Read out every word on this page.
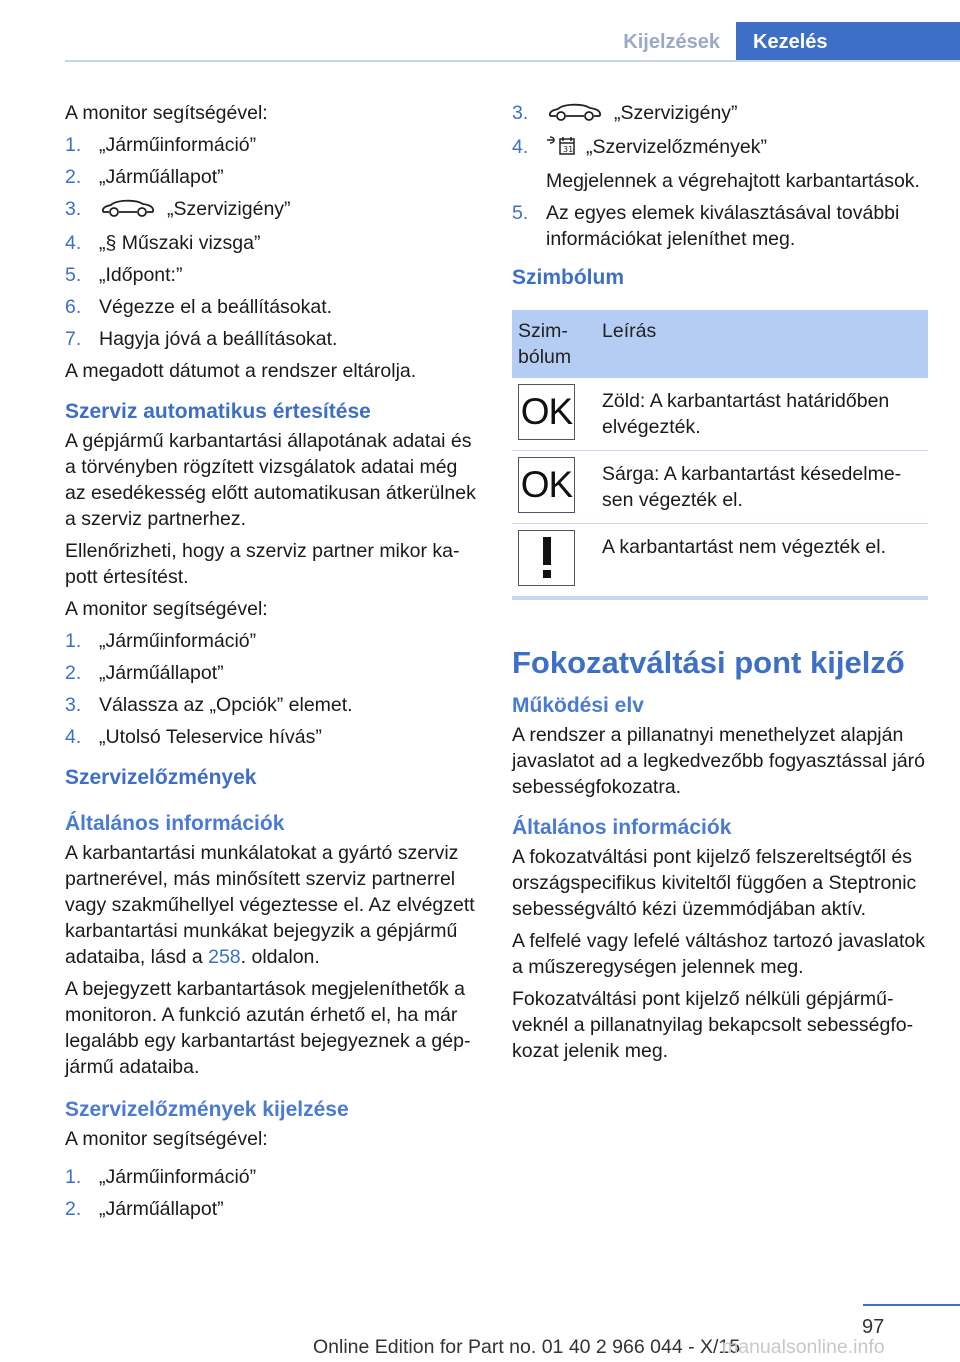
Kijelzések	Kezelés

A monitor segítségével:

1. „Járműinformáció”
2. „Járműállapot”
3.	„Szervizigény”
4. „§ Műszaki vizsga”
5. „Időpont:”
6. Végezze el a beállításokat.
7. Hagyja jóvá a beállításokat.

A megadott dátumot a rendszer eltárolja.

Szerviz automatikus értesítése

A gépjármű karbantartási állapotának adatai és a törvényben rögzített vizsgálatok adatai még az esedékesség előtt automatikusan átkerülnek a szerviz partnerhez.

Ellenőrizheti, hogy a szerviz partner mikor kapott értesítést.

A monitor segítségével:

1. „Járműinformáció”
2. „Járműállapot”
3. Válassza az „Opciók” elemet.
4. „Utolsó Teleservice hívás”
Szervizelőzmények
Általános információk

A karbantartási munkálatokat a gyártó szerviz partnerével, más minősített szerviz partnerrel vagy szakműhellyel végeztesse el. Az elvégzett karbantartási munkákat bejegyzik a gépjármű adataiba, lásd a 258. oldalon.

A bejegyzett karbantartások megjeleníthetők a monitoron. A funkció azután érhető el, ha már legalább egy karbantartást bejegyeznek a gépjármű adataiba.

Szervizelőzmények kijelzése

A monitor segítségével:

1. „Járműinformáció”
2. „Járműállapot”
3.	„Szervizigény”
4.	31 „Szervizelőzmények”
Megjelennek a végrehajtott karbantartások.
5. Az egyes elemek kiválasztásával további információkat jeleníthet meg.
Szimbólum
Szimbólum	Leírás

OK	Zöld: A karbantartást határidőben elvégezték.

OK	Sárga: A karbantartást késedelmesen végezték el.

	A karbantartást nem végezték el.
Fokozatváltási pont kijelző
Működési elv

A rendszer a pillanatnyi menethelyzet alapján javaslatot ad a legkedvezőbb fogyasztással járó sebességfokozatra.

Általános információk

A fokozatváltási pont kijelző felszereltségtől és országspecifikus kiviteltől függően a Steptronic sebességváltó kézi üzemmódjában aktív.

A felfelé vagy lefelé váltáshoz tartozó javaslatok a műszeregységen jelennek meg.

Fokozatváltási pont kijelző nélküli gépjárműveknél a pillanatnyilag bekapcsolt sebességfokozat jelenik meg.

97
Online Edition for Part no. 01 40 2 966 044 - X/15
manualsonline.info
